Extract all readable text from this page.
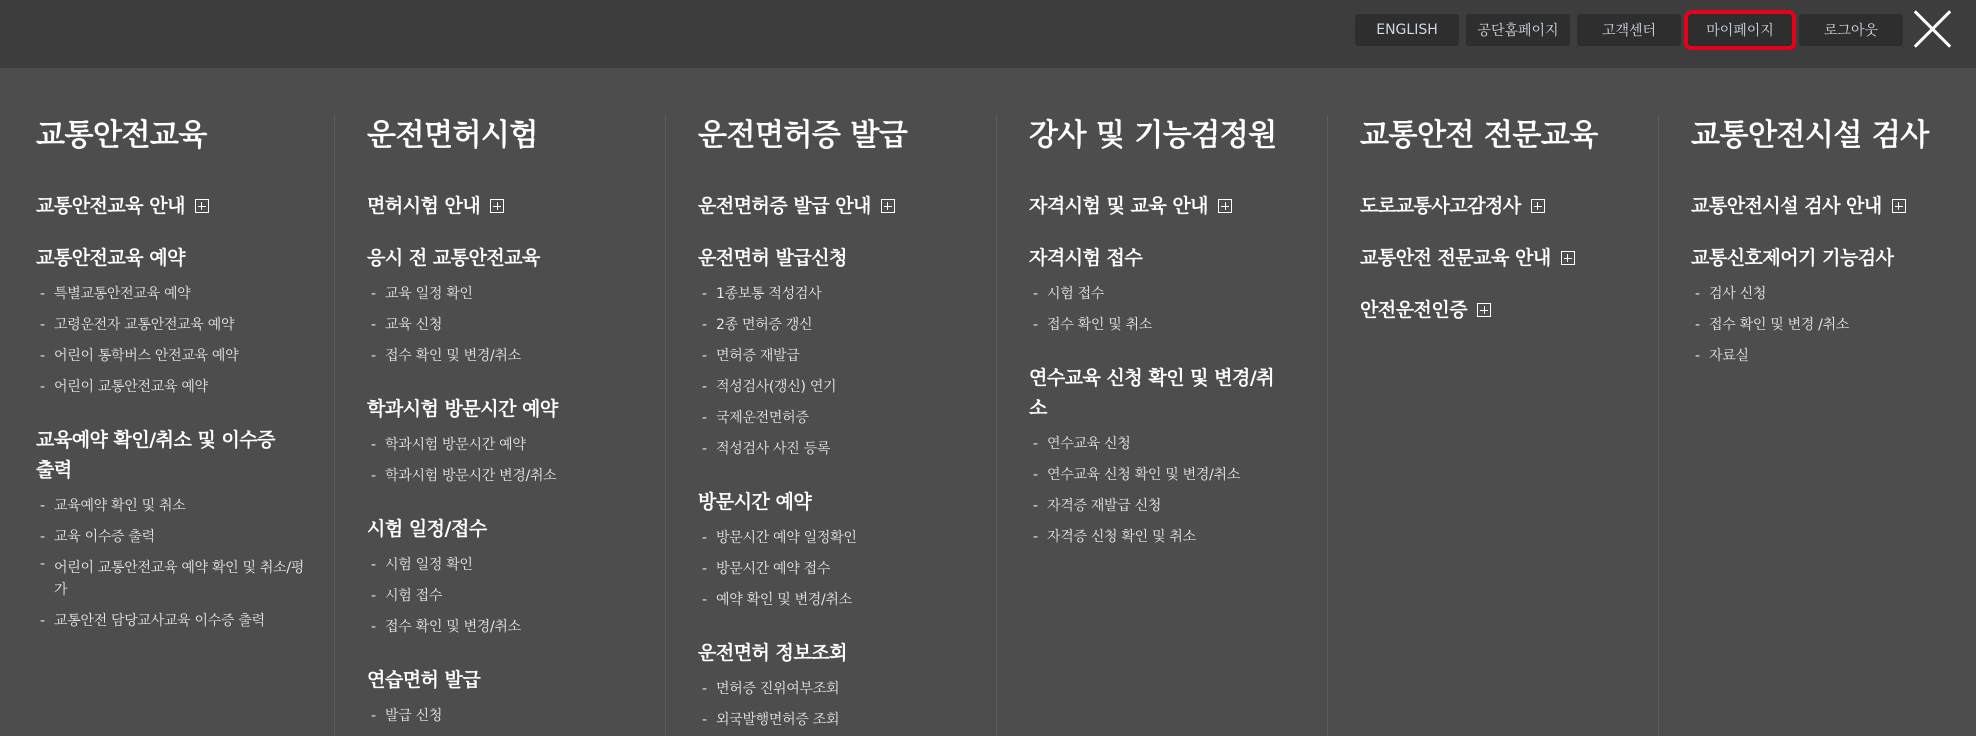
ENGLISH	공단홈페이지	고객센터	마이페이지	로그아웃
교통안전교육
교통안전교육 안내
교통안전교육 예약
- 특별교통안전교육 예약
- 고령운전자 교통안전교육 예약
- 어린이 통학버스 안전교육 예약
- 어린이 교통안전교육 예약
교육예약 확인/취소 및 이수증 출력
- 교육예약 확인 및 취소
- 교육 이수증 출력
- 어린이 교통안전교육 예약 확인 및 취소/평가
- 교통안전 담당교사교육 이수증 출력
운전면허시험
면허시험 안내
응시 전 교통안전교육
- 교육 일정 확인
- 교육 신청
- 접수 확인 및 변경/취소
학과시험 방문시간 예약
- 학과시험 방문시간 예약
- 학과시험 방문시간 변경/취소
시험 일정/접수
- 시험 일정 확인
- 시험 접수
- 접수 확인 및 변경/취소
연습면허 발급
- 발급 신청
운전면허증 발급
운전면허증 발급 안내
운전면허 발급신청
- 1종보통 적성검사
- 2종 면허증 갱신
- 면허증 재발급
- 적성검사(갱신) 연기
- 국제운전면허증
- 적성검사 사진 등록
방문시간 예약
- 방문시간 예약 일정확인
- 방문시간 예약 접수
- 예약 확인 및 변경/취소
운전면허 정보조회
- 면허증 진위여부조회
- 외국발행면허증 조회
강사 및 기능검정원
자격시험 및 교육 안내
자격시험 접수
- 시험 접수
- 접수 확인 및 취소
연수교육 신청 확인 및 변경/취소
- 연수교육 신청
- 연수교육 신청 확인 및 변경/취소
- 자격증 재발급 신청
- 자격증 신청 확인 및 취소
교통안전 전문교육
도로교통사고감정사
교통안전 전문교육 안내
안전운전인증
교통안전시설 검사
교통안전시설 검사 안내
교통신호제어기 기능검사
- 검사 신청
- 접수 확인 및 변경 /취소
- 자료실
